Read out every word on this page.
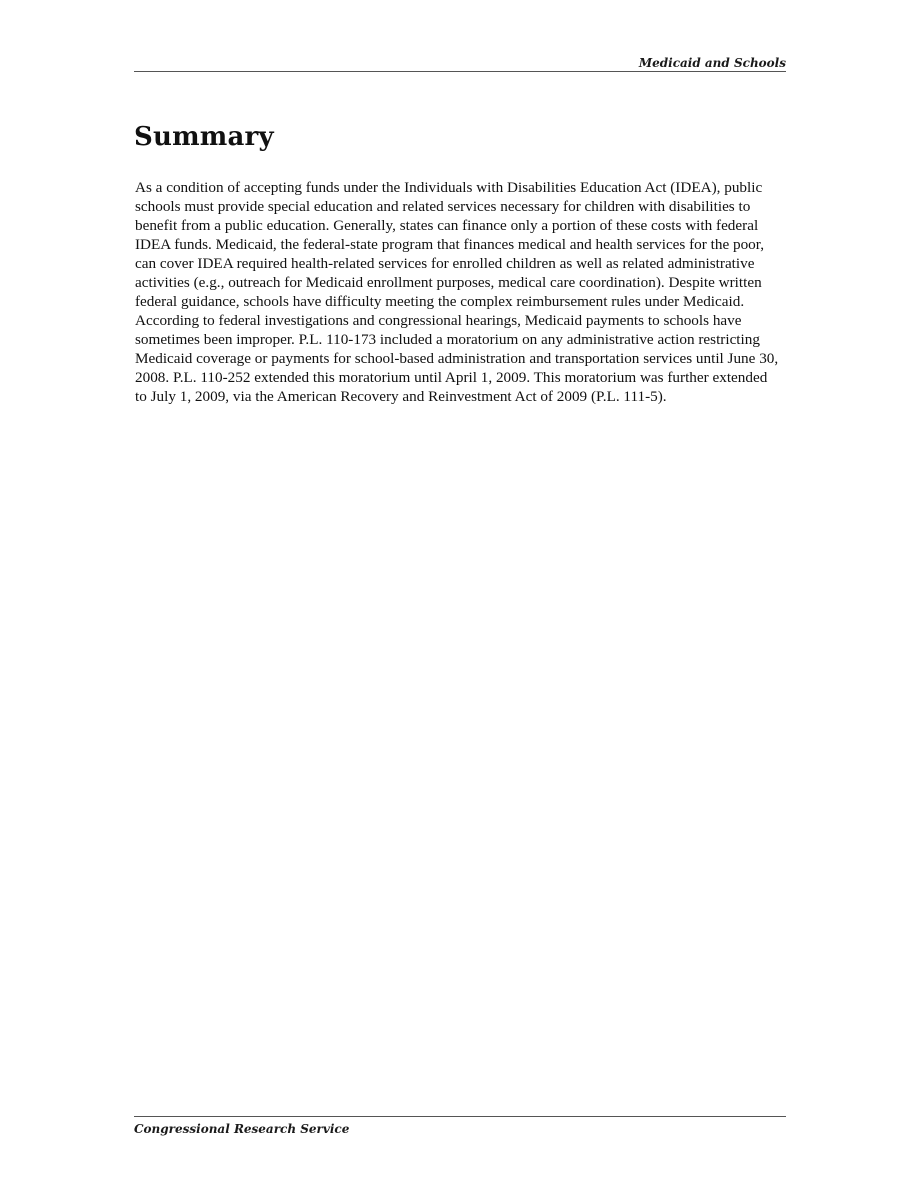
Medicaid and Schools
Summary

As a condition of accepting funds under the Individuals with Disabilities Education Act (IDEA), public schools must provide special education and related services necessary for children with disabilities to benefit from a public education. Generally, states can finance only a portion of these costs with federal IDEA funds. Medicaid, the federal-state program that finances medical and health services for the poor, can cover IDEA required health-related services for enrolled children as well as related administrative activities (e.g., outreach for Medicaid enrollment purposes, medical care coordination). Despite written federal guidance, schools have difficulty meeting the complex reimbursement rules under Medicaid. According to federal investigations and congressional hearings, Medicaid payments to schools have sometimes been improper. P.L. 110-173 included a moratorium on any administrative action restricting Medicaid coverage or payments for school-based administration and transportation services until June 30, 2008. P.L. 110-252 extended this moratorium until April 1, 2009. This moratorium was further extended to July 1, 2009, via the American Recovery and Reinvestment Act of 2009 (P.L. 111-5).

Congressional Research Service
